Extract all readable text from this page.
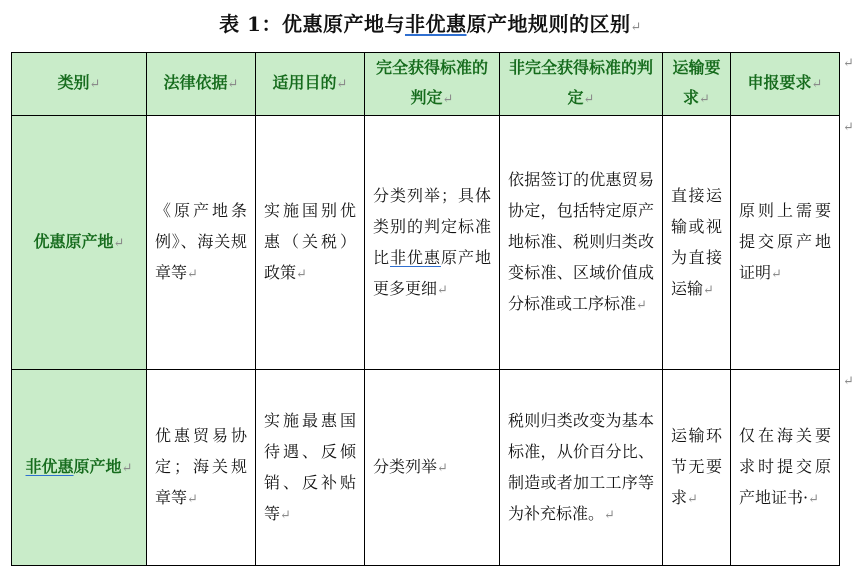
表 1：优惠原产地与非优惠原产地规则的区别↵
类别↵	法律依据↵	适用目的↵	完全获得标准的判定↵	非完全获得标准的判定↵	运输要求↵	申报要求↵
优惠原产地↵	《原产地条例》、海关规章等↵	实施国别优惠（关税）政策↵	分类列举；具体类别的判定标准比非优惠原产地更多更细↵	依据签订的优惠贸易协定，包括特定原产地标准、税则归类改变标准、区域价值成分标准或工序标准↵	直接运输或视为直接运输↵	原则上需要提交原产地证明↵
非优惠原产地↵	优惠贸易协定；海关规章等↵	实施最惠国待遇、反倾销、反补贴等↵	分类列举↵	税则归类改变为基本标准，从价百分比、制造或者加工工序等为补充标准。↵	运输环节无要求↵	仅在海关要求时提交原产地证书·↵
↵
↵
↵
